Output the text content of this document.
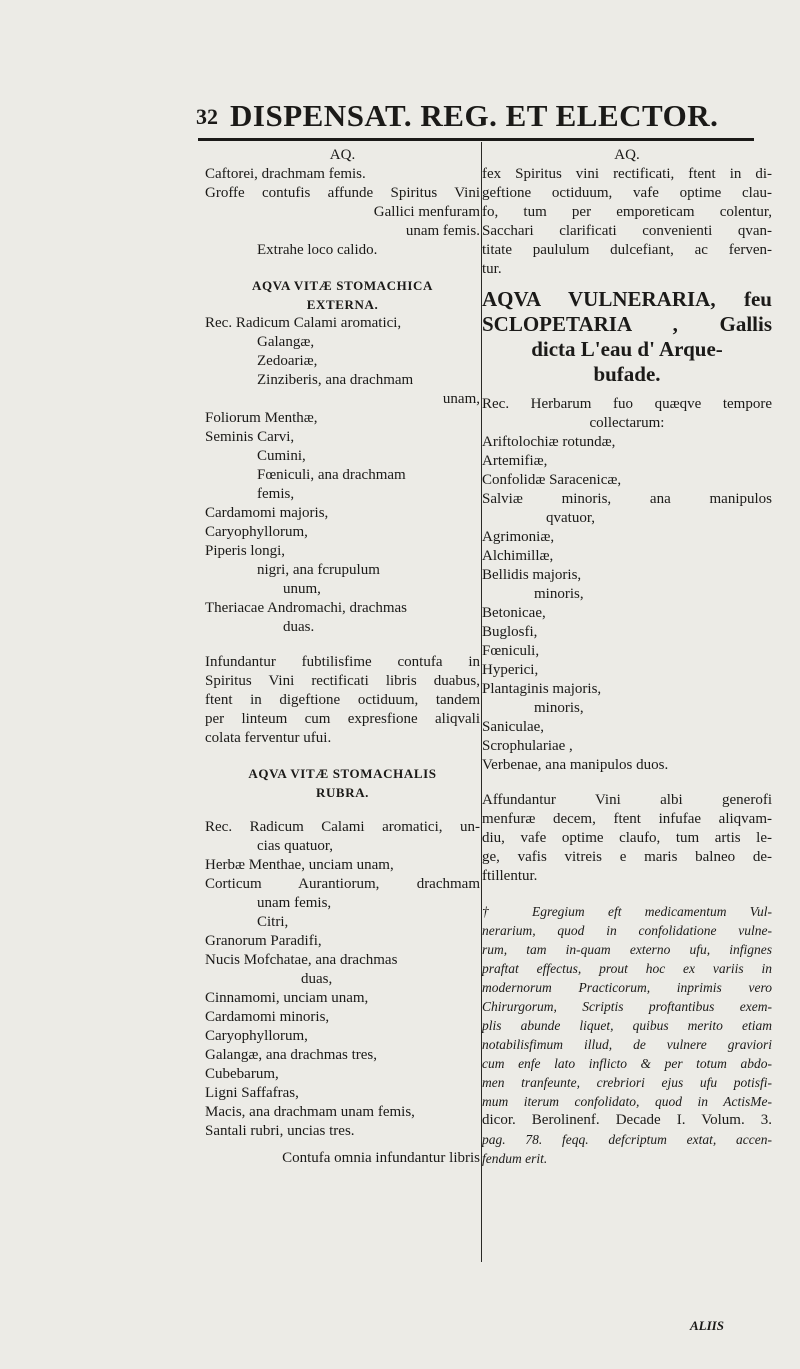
32 DISPENSAT. REG. ET ELECTOR.
AQ.
Caftorei, drachmam femis.
Groffe contufis affunde Spiritus Vini
Gallici menfuram
unam femis.
Extrahe loco calido.
AQVA VITÆ STOMACHICA
EXTERNA.
Rec. Radicum Calami aromatici,
Galangæ,
Zedoariæ,
Zinziberis, ana drachmam
unam,
Foliorum Menthæ,
Seminis Carvi,
Cumini,
Fœniculi, ana drachmam
femis,
Cardamomi majoris,
Caryophyllorum,
Piperis longi,
nigri, ana fcrupulum
unum,
Theriacae Andromachi, drachmas
duas.
Infundantur fubtilisfime contufa in
Spiritus Vini rectificati libris duabus,
ftent in digeftione octiduum, tandem
per linteum cum expresfione aliqvali
colata ferventur ufui.
AQVA VITÆ STOMACHALIS
RUBRA.
Rec. Radicum Calami aromatici, un-
cias quatuor,
Herbæ Menthae, unciam unam,
Corticum Aurantiorum, drachmam
unam femis,
Citri,
Granorum Paradifi,
Nucis Mofchatae, ana drachmas
duas,
Cinnamomi, unciam unam,
Cardamomi minoris,
Caryophyllorum,
Galangæ, ana drachmas tres,
Cubebarum,
Ligni Saffafras,
Macis, ana drachmam unam femis,
Santali rubri, uncias tres.
Contufa omnia infundantur libris
AQ.
fex Spiritus vini rectificati, ftent in di-
geftione octiduum, vafe optime clau-
fo, tum per emporeticam colentur,
Sacchari clarificati convenienti qvan-
titate paululum dulcefiant, ac ferven-
tur.
AQVA VULNERARIA, feu
SCLOPETARIA , Gallis
dicta L'eau d' Arque-
bufade.
Rec. Herbarum fuo quæqve tempore
collectarum:
Ariftolochiæ rotundæ,
Artemifiæ,
Confolidæ Saracenicæ,
Salviæ minoris, ana manipulos
qvatuor,
Agrimoniæ,
Alchimillæ,
Bellidis majoris,
minoris,
Betonicae,
Buglosfi,
Fœniculi,
Hyperici,
Plantaginis majoris,
minoris,
Saniculae,
Scrophulariae ,
Verbenae, ana manipulos duos.
Affundantur Vini albi generofi
menfuræ decem, ftent infufae aliqvam-
diu, vafe optime claufo, tum artis le-
ge, vafis vitreis e maris balneo de-
ftillentur.
† Egregium eft medicamentum Vul-
nerarium, quod in confolidatione vulne-
rum, tam in-quam externo ufu, infignes
praftat effectus, prout hoc ex variis in
modernorum Practicorum, inprimis vero
Chirurgorum, Scriptis proftantibus exem-
plis abunde liquet, quibus merito etiam
notabilisfimum illud, de vulnere graviori
cum enfe lato inflicto & per totum abdo-
men tranfeunte, crebriori ejus ufu potisfi-
mum iterum confolidato, quod in ActisMe-
dicor. Berolinenf. Decade I. Volum. 3.
pag. 78. feqq. defcriptum extat, accen-
fendum erit.
ALIIS
